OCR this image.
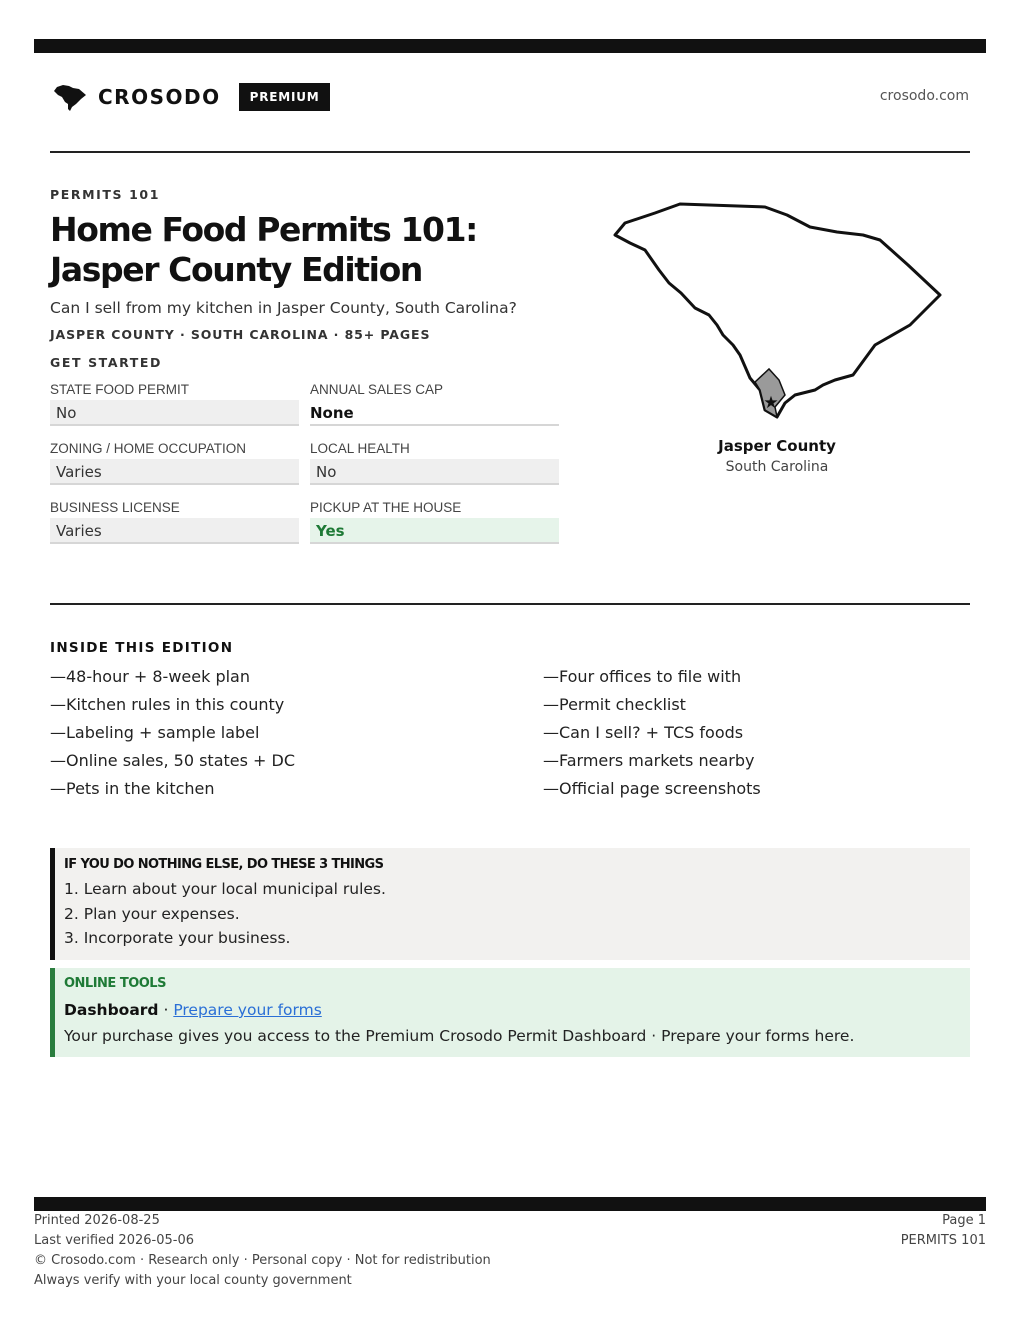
CROSODO	PREMIUM	crosodo.com
PERMITS 101
Home Food Permits 101: Jasper County Edition
Can I sell from my kitchen in Jasper County, South Carolina?
JASPER COUNTY · SOUTH CAROLINA · 85+ PAGES
GET STARTED
STATE FOOD PERMIT
No
ANNUAL SALES CAP
None
ZONING / HOME OCCUPATION
Varies
LOCAL HEALTH
No
BUSINESS LICENSE
Varies
PICKUP AT THE HOUSE
Yes
★
Jasper County
South Carolina
INSIDE THIS EDITION
—48-hour + 8-week plan
—Kitchen rules in this county
—Labeling + sample label
—Online sales, 50 states + DC
—Pets in the kitchen
—Four offices to file with
—Permit checklist
—Can I sell? + TCS foods
—Farmers markets nearby
—Official page screenshots
IF YOU DO NOTHING ELSE, DO THESE 3 THINGS
1. Learn about your local municipal rules.
2. Plan your expenses.
3. Incorporate your business.
ONLINE TOOLS
Dashboard · Prepare your forms
Your purchase gives you access to the Premium Crosodo Permit Dashboard · Prepare your forms here.
Printed 2026-08-25
Last verified 2026-05-06
© Crosodo.com · Research only · Personal copy · Not for redistribution
Always verify with your local county government
Page 1
PERMITS 101
